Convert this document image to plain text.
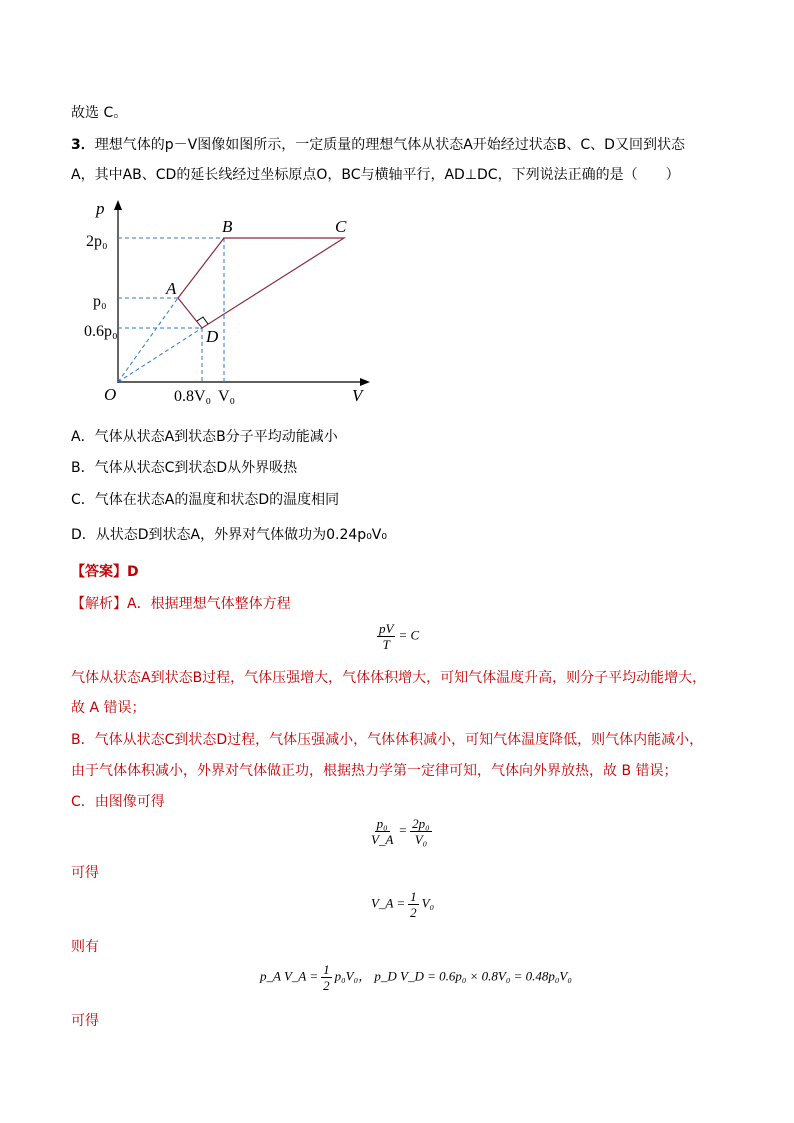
故选 C。
3．理想气体的p－V图像如图所示，一定质量的理想气体从状态A开始经过状态B、C、D又回到状态
A，其中AB、CD的延长线经过坐标原点O，BC与横轴平行，AD⊥DC，下列说法正确的是（　　）
p
V
O
2p₀
p₀
0.6p₀
0.8V₀ V₀
A
B	C
D
A．气体从状态A到状态B分子平均动能减小
B．气体从状态C到状态D从外界吸热
C．气体在状态A的温度和状态D的温度相同
D．从状态D到状态A，外界对气体做功为0.24p₀V₀
【答案】D
【解析】A．根据理想气体整体方程
$\frac{pV}{T} = C$
气体从状态A到状态B过程，气体压强增大，气体体积增大，可知气体温度升高，则分子平均动能增大，
故 A 错误；
B．气体从状态C到状态D过程，气体压强减小，气体体积减小，可知气体温度降低，则气体内能减小，
由于气体体积减小，外界对气体做正功，根据热力学第一定律可知，气体向外界放热，故 B 错误；
C．由图像可得
$\frac{\text{p₀}}{V\_A} = \frac{\text{2p₀}}{\text{V₀}}$
可得
V_A = $\frac{1}{2} V_0$
则有
p_A V_A = $\frac{1}{2} p_0V_0$， p_D V_D = 0.6p₀ × 0.8V₀ = 0.48p₀V₀
可得
